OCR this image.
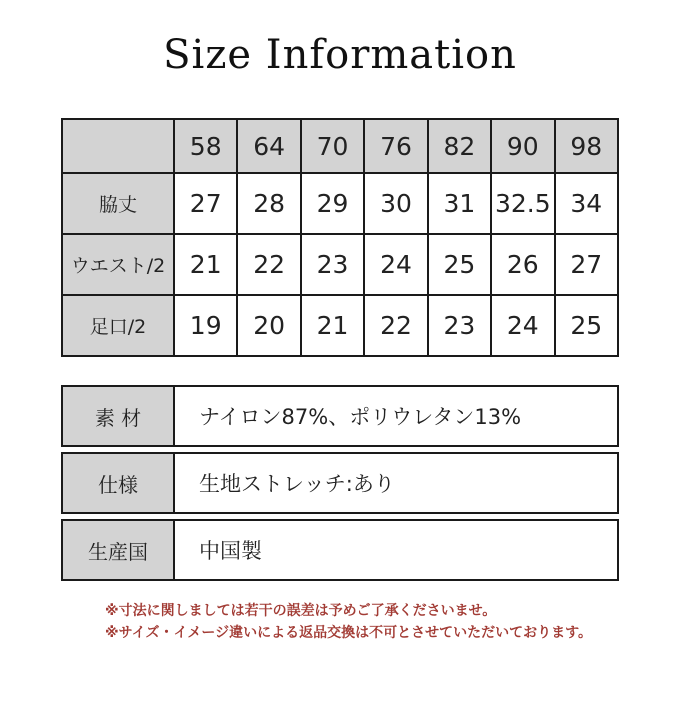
Size Information
	58	64	70	76	82	90	98
脇丈	27	28	29	30	31	32.5	34
ウエスト/2	21	22	23	24	25	26	27
足口/2	19	20	21	22	23	24	25
素 材	ナイロン87%、ポリウレタン13%
仕様	生地ストレッチ:あり
生産国	中国製
※寸法に関しましては若干の誤差は予めご了承くださいませ。
※サイズ・イメージ違いによる返品交換は不可とさせていただいております。
